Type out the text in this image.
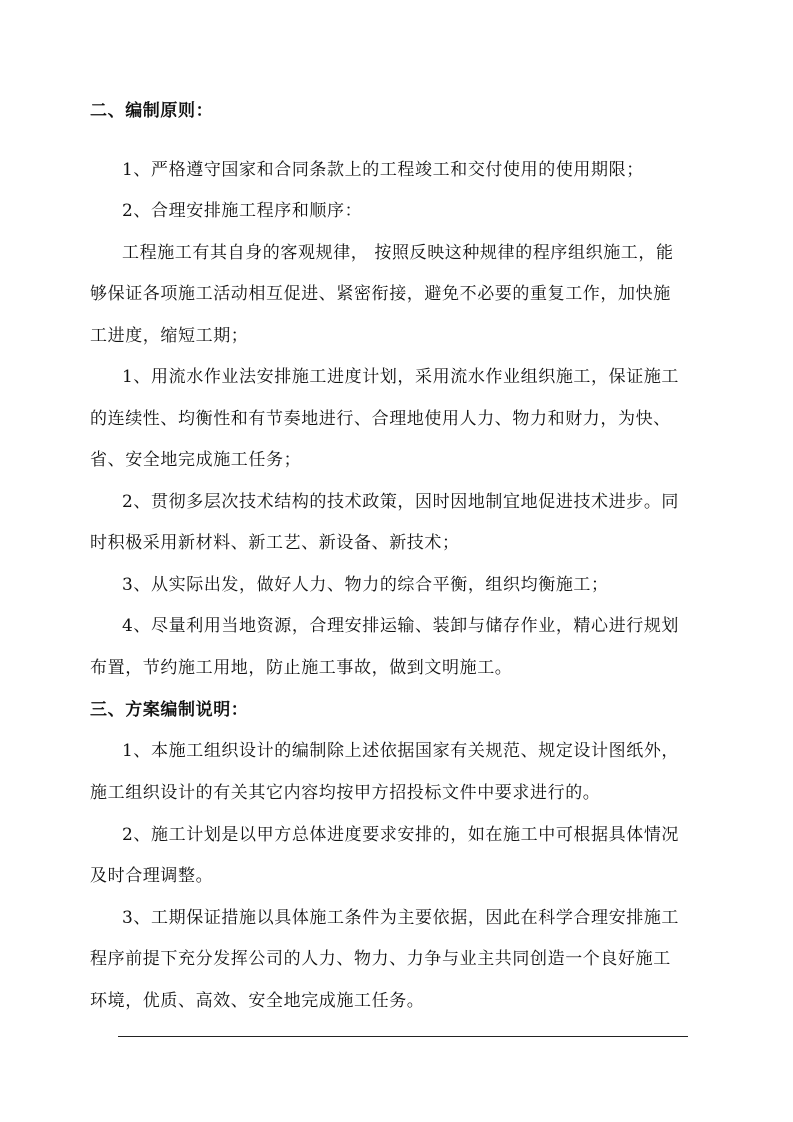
二、编制原则：
1、严格遵守国家和合同条款上的工程竣工和交付使用的使用期限；
2、合理安排施工程序和顺序：
工程施工有其自身的客观规律， 按照反映这种规律的程序组织施工，能
够保证各项施工活动相互促进、紧密衔接，避免不必要的重复工作，加快施
工进度，缩短工期；
1、用流水作业法安排施工进度计划，采用流水作业组织施工，保证施工
的连续性、均衡性和有节奏地进行、合理地使用人力、物力和财力，为快、
省、安全地完成施工任务；
2、贯彻多层次技术结构的技术政策，因时因地制宜地促进技术进步。同
时积极采用新材料、新工艺、新设备、新技术；
3、从实际出发，做好人力、物力的综合平衡，组织均衡施工；
4、尽量利用当地资源，合理安排运输、装卸与储存作业，精心进行规划
布置，节约施工用地，防止施工事故，做到文明施工。
三、方案编制说明：
1、本施工组织设计的编制除上述依据国家有关规范、规定设计图纸外，
施工组织设计的有关其它内容均按甲方招投标文件中要求进行的。
2、施工计划是以甲方总体进度要求安排的，如在施工中可根据具体情况
及时合理调整。
3、工期保证措施以具体施工条件为主要依据，因此在科学合理安排施工
程序前提下充分发挥公司的人力、物力、力争与业主共同创造一个良好施工
环境，优质、高效、安全地完成施工任务。
